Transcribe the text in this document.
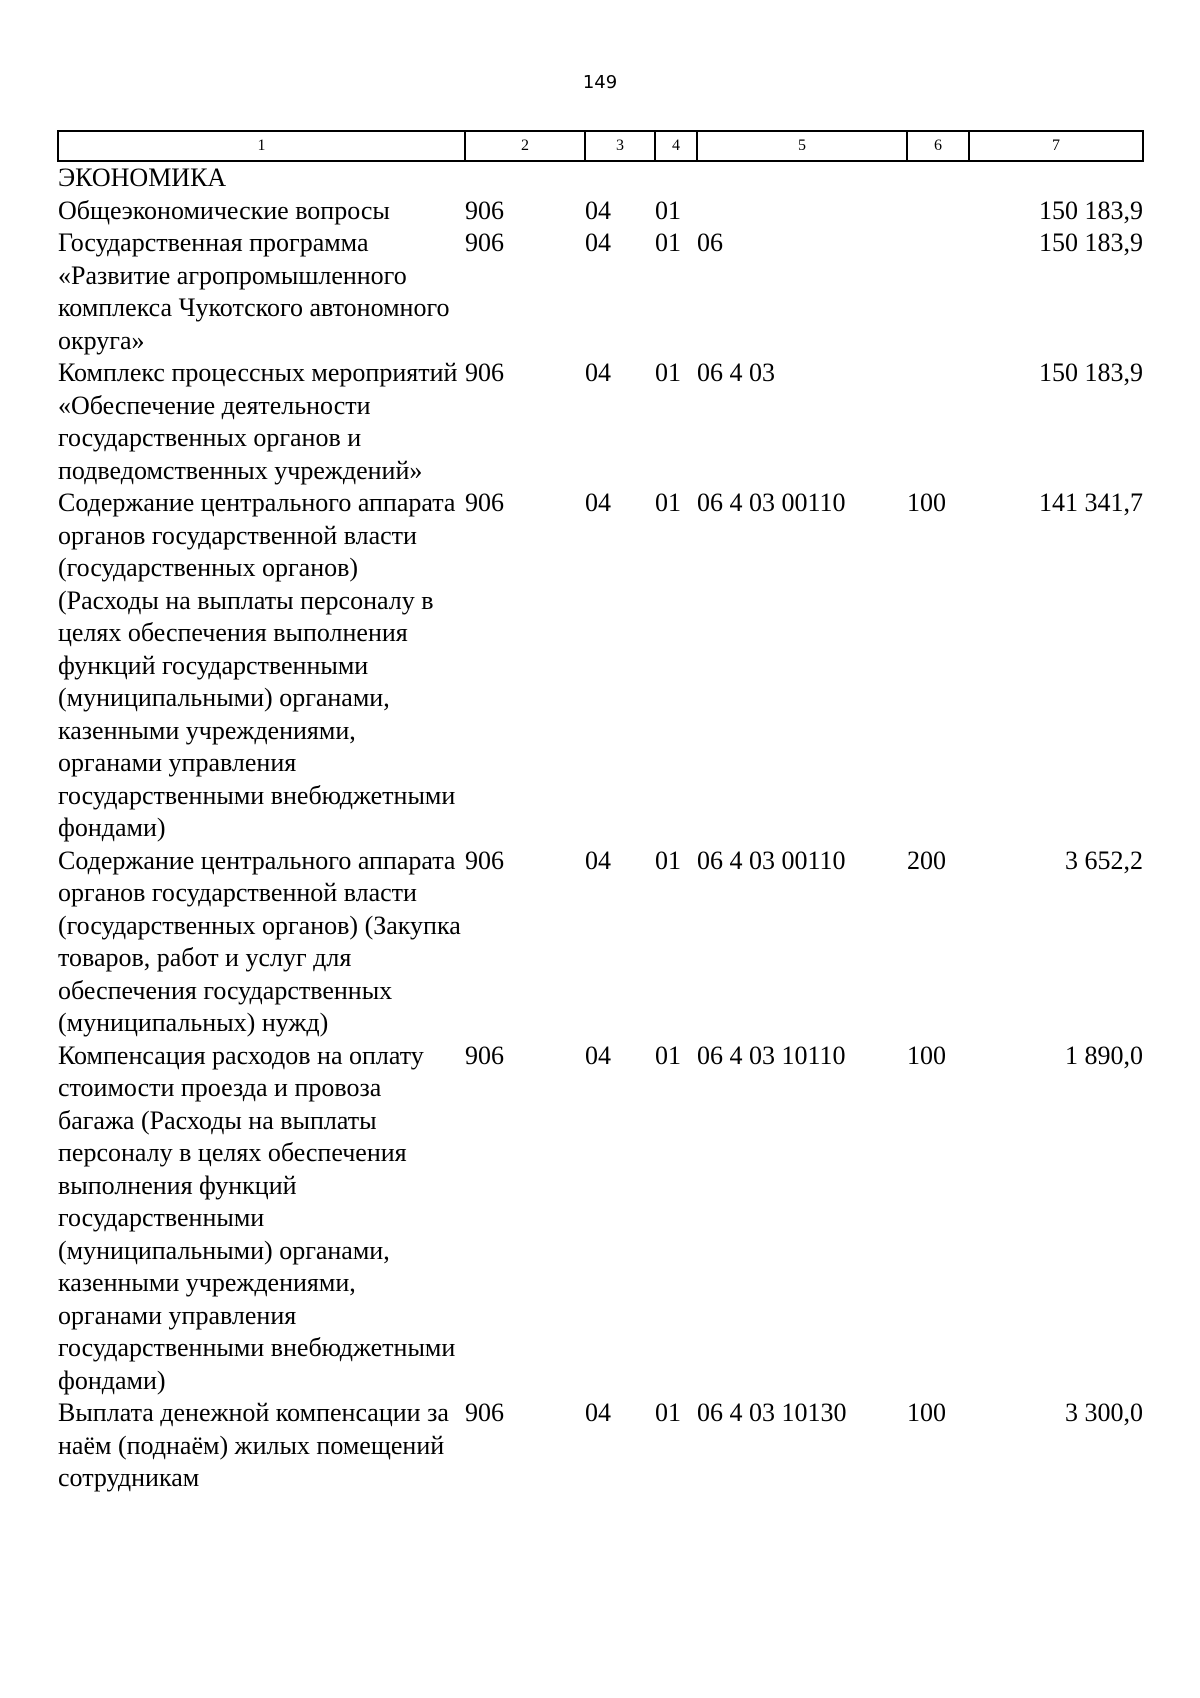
149
1	2	3	4	5	6	7
ЭКОНОМИКА						
Общеэкономические вопросы	906	04	01			150 183,9
Государственная программа «Развитие агропромышленного комплекса Чукотского автономного округа»	906	04	01	06		150 183,9
Комплекс процессных мероприятий «Обеспечение деятельности государственных органов и подведомственных учреждений»	906	04	01	06 4 03		150 183,9
Содержание центрального аппарата органов государственной власти (государственных органов) (Расходы на выплаты персоналу в целях обеспечения выполнения функций государственными (муниципальными) органами, казенными учреждениями, органами управления государственными внебюджетными фондами)	906	04	01	06 4 03 00110	100	141 341,7
Содержание центрального аппарата органов государственной власти (государственных органов) (Закупка товаров, работ и услуг для обеспечения государственных (муниципальных) нужд)	906	04	01	06 4 03 00110	200	3 652,2
Компенсация расходов на оплату стоимости проезда и провоза багажа (Расходы на выплаты персоналу в целях обеспечения выполнения функций государственными (муниципальными) органами, казенными учреждениями, органами управления государственными внебюджетными фондами)	906	04	01	06 4 03 10110	100	1 890,0
Выплата денежной компенсации за наём (поднаём) жилых помещений сотрудникам	906	04	01	06 4 03 10130	100	3 300,0
